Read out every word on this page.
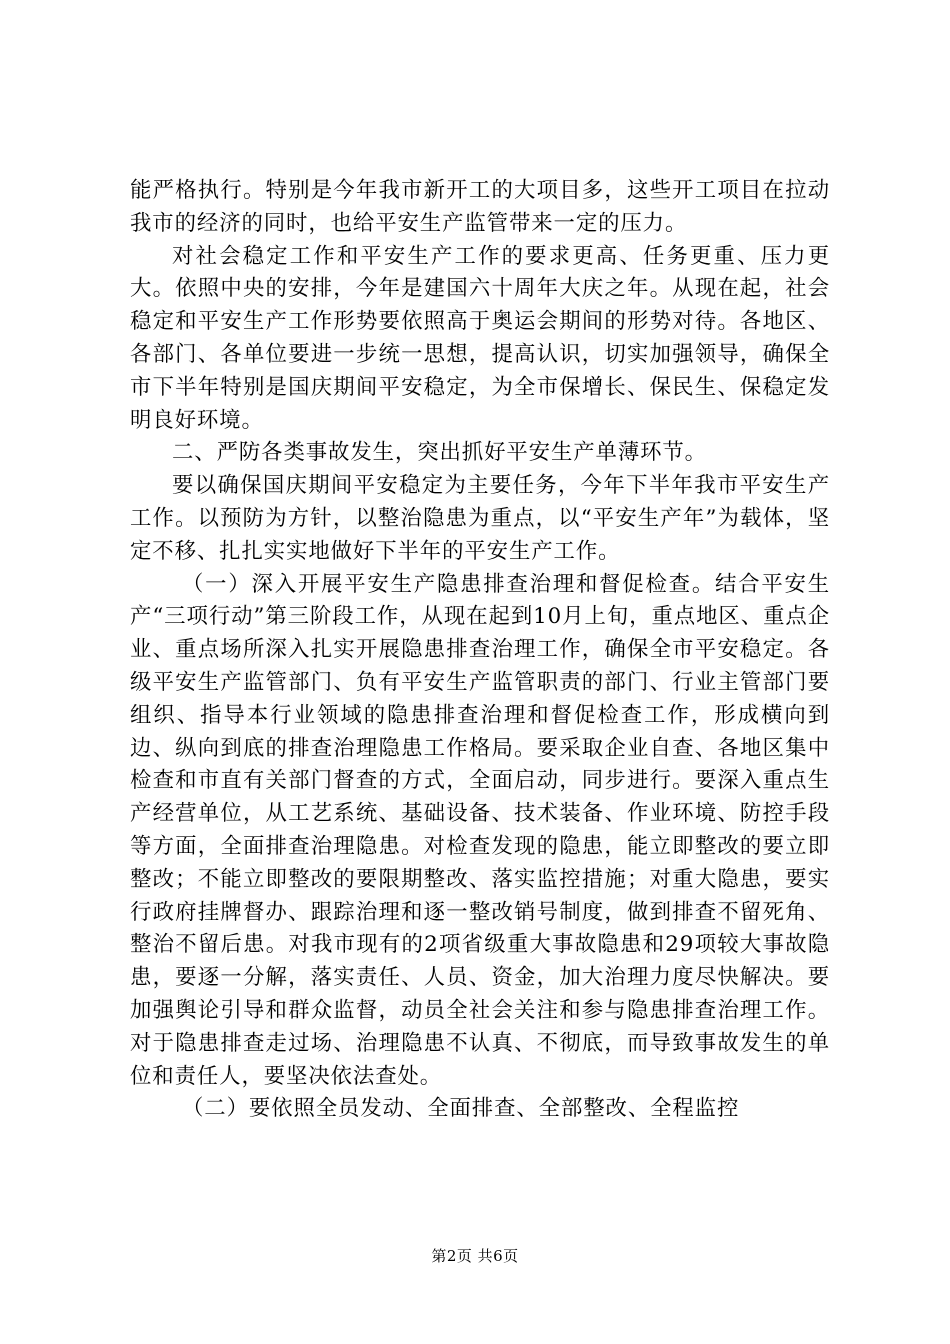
能严格执行。特别是今年我市新开工的大项目多，这些开工项目在拉动我市的经济的同时，也给平安生产监管带来一定的压力。

对社会稳定工作和平安生产工作的要求更高、任务更重、压力更大。依照中央的安排，今年是建国六十周年大庆之年。从现在起，社会稳定和平安生产工作形势要依照高于奥运会期间的形势对待。各地区、各部门、各单位要进一步统一思想，提高认识，切实加强领导，确保全市下半年特别是国庆期间平安稳定，为全市保增长、保民生、保稳定发明良好环境。

二、严防各类事故发生，突出抓好平安生产单薄环节。

要以确保国庆期间平安稳定为主要任务，今年下半年我市平安生产工作。以预防为方针，以整治隐患为重点，以“平安生产年”为载体，坚定不移、扎扎实实地做好下半年的平安生产工作。

（一）深入开展平安生产隐患排查治理和督促检查。结合平安生产“三项行动”第三阶段工作，从现在起到10月上旬，重点地区、重点企业、重点场所深入扎实开展隐患排查治理工作，确保全市平安稳定。各级平安生产监管部门、负有平安生产监管职责的部门、行业主管部门要组织、指导本行业领域的隐患排查治理和督促检查工作，形成横向到边、纵向到底的排查治理隐患工作格局。要采取企业自查、各地区集中检查和市直有关部门督查的方式，全面启动，同步进行。要深入重点生产经营单位，从工艺系统、基础设备、技术装备、作业环境、防控手段等方面，全面排查治理隐患。对检查发现的隐患，能立即整改的要立即整改；不能立即整改的要限期整改、落实监控措施；对重大隐患，要实行政府挂牌督办、跟踪治理和逐一整改销号制度，做到排查不留死角、整治不留后患。对我市现有的2项省级重大事故隐患和29项较大事故隐患，要逐一分解，落实责任、人员、资金，加大治理力度尽快解决。要加强舆论引导和群众监督，动员全社会关注和参与隐患排查治理工作。对于隐患排查走过场、治理隐患不认真、不彻底，而导致事故发生的单位和责任人，要坚决依法查处。

（二）要依照全员发动、全面排查、全部整改、全程监控

第2页 共6页
